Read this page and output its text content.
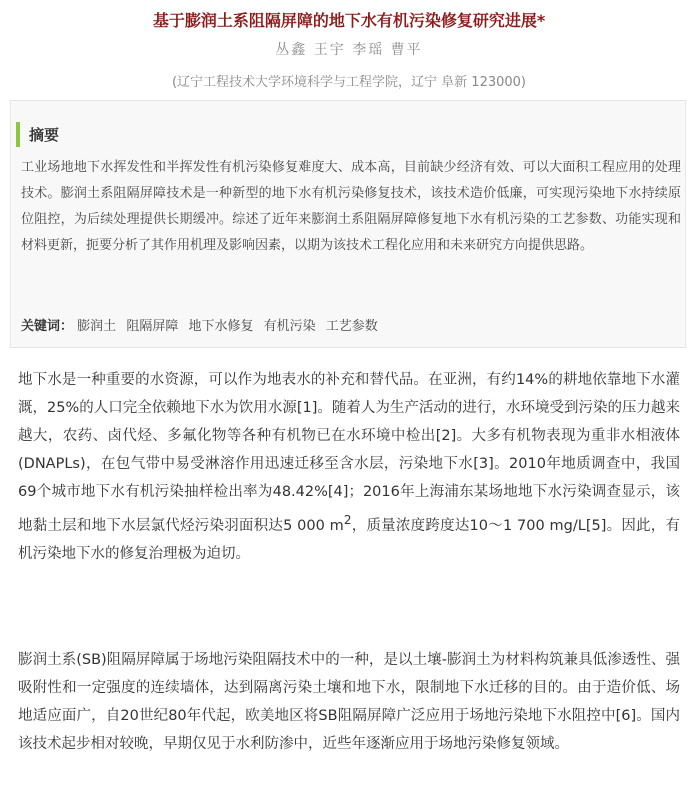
基于膨润土系阻隔屏障的地下水有机污染修复研究进展*
丛鑫 王宇 李瑶 曹平
(辽宁工程技术大学环境科学与工程学院，辽宁 阜新 123000)
摘要

工业场地地下水挥发性和半挥发性有机污染修复难度大、成本高，目前缺少经济有效、可以大面积工程应用的处理技术。膨润土系阻隔屏障技术是一种新型的地下水有机污染修复技术，该技术造价低廉，可实现污染地下水持续原位阻控，为后续处理提供长期缓冲。综述了近年来膨润土系阻隔屏障修复地下水有机污染的工艺参数、功能实现和材料更新，扼要分析了其作用机理及影响因素，以期为该技术工程化应用和未来研究方向提供思路。

关键词： 膨润土 阻隔屏障 地下水修复 有机污染 工艺参数

地下水是一种重要的水资源，可以作为地表水的补充和替代品。在亚洲，有约14%的耕地依靠地下水灌溉，25%的人口完全依赖地下水为饮用水源[1]。随着人为生产活动的进行，水环境受到污染的压力越来越大，农药、卤代烃、多氟化物等各种有机物已在水环境中检出[2]。大多有机物表现为重非水相液体(DNAPLs)，在包气带中易受淋溶作用迅速迁移至含水层，污染地下水[3]。2010年地质调查中，我国69个城市地下水有机污染抽样检出率为48.42%[4]；2016年上海浦东某场地地下水污染调查显示，该地黏土层和地下水层氯代烃污染羽面积达5 000 $m^2$，质量浓度跨度达10～1 700 mg/L[5]。因此，有机污染地下水的修复治理极为迫切。

膨润土系(SB)阻隔屏障属于场地污染阻隔技术中的一种，是以土壤-膨润土为材料构筑兼具低渗透性、强吸附性和一定强度的连续墙体，达到隔离污染土壤和地下水，限制地下水迁移的目的。由于造价低、场地适应面广，自20世纪80年代起，欧美地区将SB阻隔屏障广泛应用于场地污染地下水阻控中[6]。国内该技术起步相对较晚，早期仅见于水利防渗中，近些年逐渐应用于场地污染修复领域。
